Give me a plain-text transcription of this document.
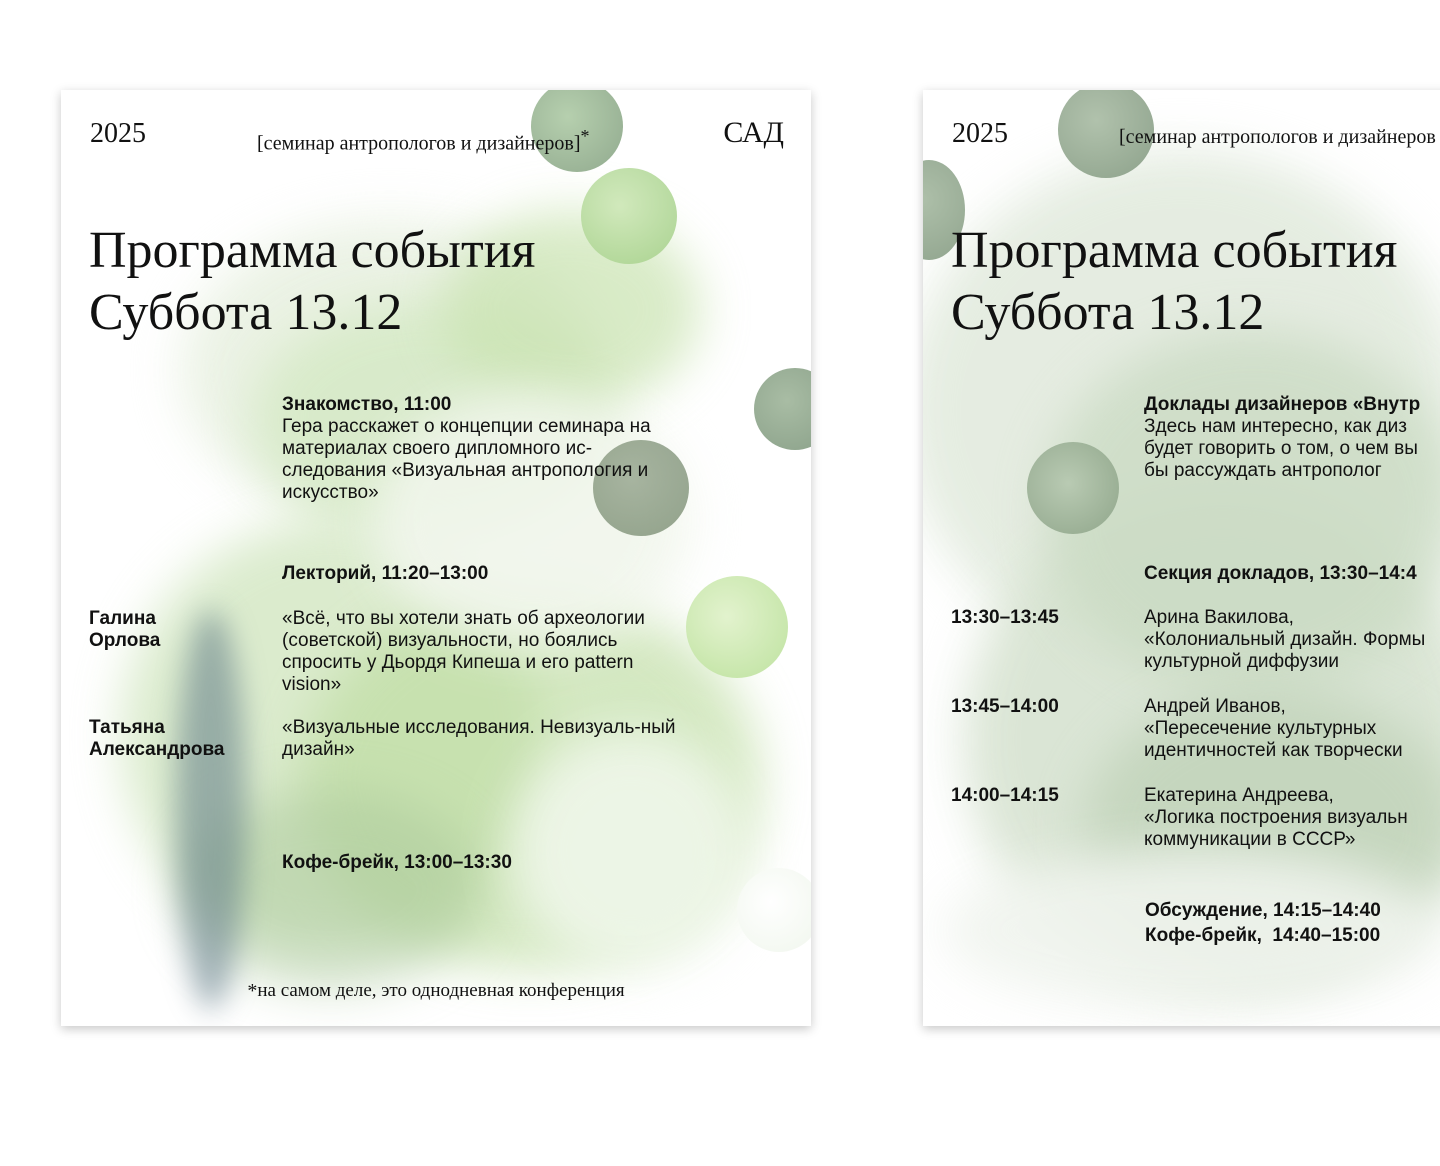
2025	[семинар антропологов и дизайнеров]*	САД
Программа события
Суббота 13.12
Знакомство, 11:00
Гера расскажет о концепции семинара на материалах своего дипломного ис-следования «Визуальная антропология и искусство»
Лекторий, 11:20–13:00
Галина Орлова
«Всё, что вы хотели знать об археологии (советской) визуальности, но боялись спросить у Дьордя Кипеша и его pattern vision»
Татьяна Александрова
«Визуальные исследования. Невизуаль-ный дизайн»
Кофе-брейк, 13:00–13:30
*на самом деле, это однодневная конференция
2025	[семинар антропологов и дизайнеров
Программа события
Суббота 13.12
Доклады дизайнеров «Внутр
Здесь нам интересно, как диз будет говорить о том, о чем вы бы рассуждать антрополог
Секция докладов, 13:30–14:4
13:30–13:45	Арина Вакилова,
«Колониальный дизайн. Формы культурной диффузии
13:45–14:00	Андрей Иванов,
«Пересечение культурных идентичностей как творчески
14:00–14:15	Екатерина Андреева,
«Логика построения визуальн коммуникации в СССР»
Обсуждение, 14:15–14:40
Кофе-брейк,  14:40–15:00
